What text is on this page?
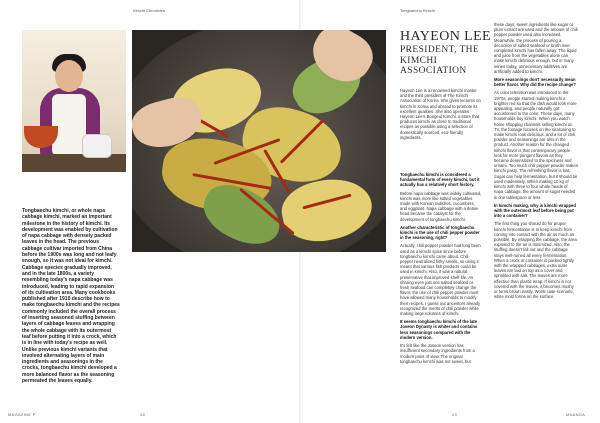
Kimchi Chronicles	Tongbaechu Kimchi
Tongbaechu kimchi, or whole napa cabbage kimchi, marked an important milestone in the history of kimchi. Its development was enabled by cultivation of napa cabbage with densely packed leaves in the head. The previous cabbage cultivar imported from China before the 1900s was long and not leafy enough, so it was not ideal for kimchi. Cabbage species gradually improved, and in the late 1800s, a variety resembling today's napa cabbage was introduced, leading to rapid expansion of its cultivation area. Many cookbooks published after 1910 describe how to make tongbaechu kimchi and the recipes commonly included the overall process of inserting seasoned stuffing between layers of cabbage leaves and wrapping the whole cabbage with its outermost leaf before putting it into a crock, which is in line with today's recipe as well. Unlike previous kimchi variants that involved alternating layers of main ingredients and seasonings in the crocks, tongbaechu kimchi developed a more balanced flavor as the seasoning permeated the leaves equally.
HAYEON LEE
PRESIDENT, THE KIMCHI ASSOCIATION

Hayeon Lee is a renowned kimchi master and the third president of The Kimchi Association of Korea. She gives lectures on kimchi in Korea and abroad to promote its excellent qualities. She also operates Hayeon Lee's Bongeul Kimchi, a store that produces kimchi as close to traditional recipes as possible using a selection of domestically sourced, eco-friendly ingredients.

Tongbaechu kimchi is considered a fundamental form of every kimchi, but it actually has a relatively short history.

Before napa cabbage was widely cultivated, kimchi was more like salted vegetables made with Korean radishes, cucumbers, and eggplant. Napa cabbage with a dense head became the catalyst for the development of tongbaechu kimchi.

Another characteristic of tongbaechu kimchi is the use of chili pepper powder in the seasoning, right?

Actually, chili pepper powder had long been used as a kimchi spice since before tongbaechu kimchi came about. Chili pepper neutralized fishy smells, so using it meant that various fish products could be used in kimchi. Also, it was a natural preservative that improved shelf-life. As sharing even just one salted seafood or fresh seafood can completely change the flavor, the use of chili pepper powder must have allowed many households to modify their recipes. I guess our ancestors already recognized the merits of chili powder while making large volumes of kimchi.

It seems tongbaechu kimchi of the late Joseon Dynasty is whiter and contains less seasonings compared with the modern version.

It's felt like the Joseon version has insufficient secondary ingredients from a modern point of view. The original tongbaechu kimchi was not sweet, but

these days, sweet ingredients like sugar or plum extract are used and the amount of chili pepper powder used also increased. Meanwhile, the process of pouring a decoction of salted seafood or broth over completed kimchi has fallen away. The liquid and juice from the vegetables alone can make kimchi delicious enough, but in many series today, unnecessary additives are artificially added to kimchi.

More seasonings don't necessarily mean better flavor. Why did the recipe change?

As color television was introduced in the 1970s, people started making kimchi a brighter red so that the dish would look more appealing, and people naturally got accustomed to the color. These days, many households buy kimchi. When you watch home shopping channels selling kimchi on TV, the footage focuses on the seasoning to make kimchi look delicious, and a lot of chili powder and seasonings are also in the product. Another reason for the changed kimchi flavor is that contemporary people look for more pungent flavors as they became desensitized to the spiciness and umami. Too much chili pepper powder makes kimchi pasty. The refreshing flavor is lost. Sugar can help fermentation, but it should be used moderately. When making 10 kg of kimchi with three to four whole heads of napa cabbage, the amount of sugar needed is one tablespoon or less.

In kimchi making, why is kimchi wrapped with the outermost leaf before being put into a container?

The first thing you should do for proper kimchi fermentation is to keep kimchi from coming into contact with the air as much as possible. By wrapping the cabbage, the area exposed to the air is minimized. Also, the stuffing doesn't fall out and the cabbage stays well-ruined all every fermentation. When a crock or container is packed tightly with the wrapped cabbages, extra outer leaves are laid on top as a cover and sprinkled with salt. The leaves are more effective than plastic wrap. If kimchi is not covered with the leaves, it becomes mushy or turns brown easily. Worst case scenario, white mold forms on the surface.

MAGAZINE P	28	29	MAANGA
